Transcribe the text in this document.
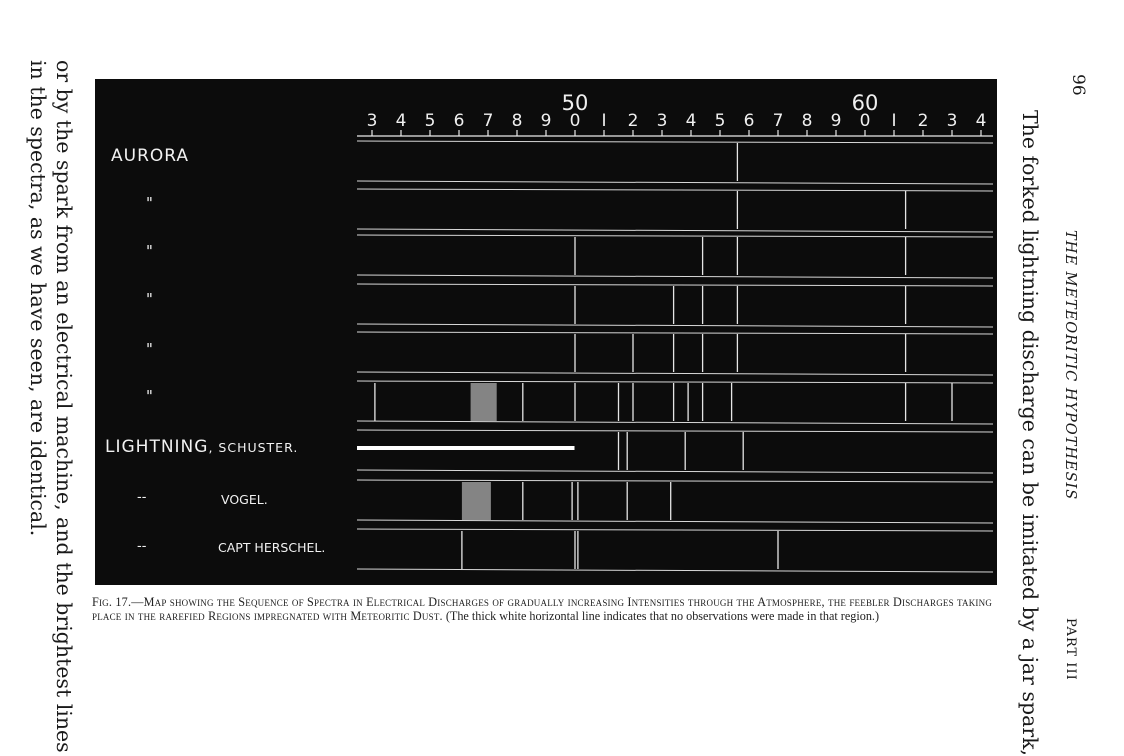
96
THE METEORITIC HYPOTHESIS
PART III
The forked lightning discharge can be imitated by a jar spark,
or by the spark from an electrical machine, and the brightest lines
in the spectra, as we have seen, are identical.	3 4 5 6 7 8 9 0 I 2 3 4 5 6 7 8 9 0 I 2 3 4
50	60
AURORA
"
"
"
"
"
LIGHTNING, SCHUSTER.
--	VOGEL.
--	CAPT HERSCHEL.
Fig. 17.—Map showing the Sequence of Spectra in Electrical Discharges of gradually increasing Intensities through the Atmosphere, the feebler Discharges taking place in the rarefied Regions impregnated with Meteoritic Dust. (The thick white horizontal line indicates that no observations were made in that region.)
